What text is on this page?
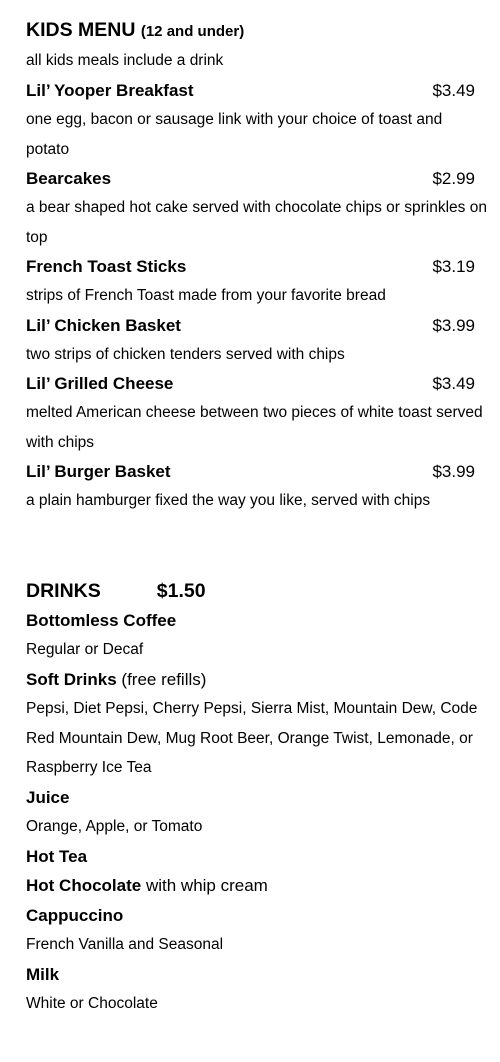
KIDS MENU (12 and under)
all kids meals include a drink
Lil’ Yooper Breakfast	$3.49
one egg, bacon or sausage link with your choice of toast and potato
Bearcakes	$2.99
a bear shaped hot cake served with chocolate chips or sprinkles on top
French Toast Sticks	$3.19
strips of French Toast made from your favorite bread
Lil’ Chicken Basket	$3.99
two strips of chicken tenders served with chips
Lil’ Grilled Cheese	$3.49
melted American cheese between two pieces of white toast served with chips
Lil’ Burger Basket	$3.99
a plain hamburger fixed the way you like, served with chips
DRINKS	$1.50
Bottomless Coffee
Regular or Decaf
Soft Drinks (free refills)
Pepsi, Diet Pepsi, Cherry Pepsi, Sierra Mist, Mountain Dew, Code Red Mountain Dew, Mug Root Beer, Orange Twist, Lemonade, or Raspberry Ice Tea
Juice
Orange, Apple, or Tomato
Hot Tea
Hot Chocolate with whip cream
Cappuccino
French Vanilla and Seasonal
Milk
White or Chocolate
